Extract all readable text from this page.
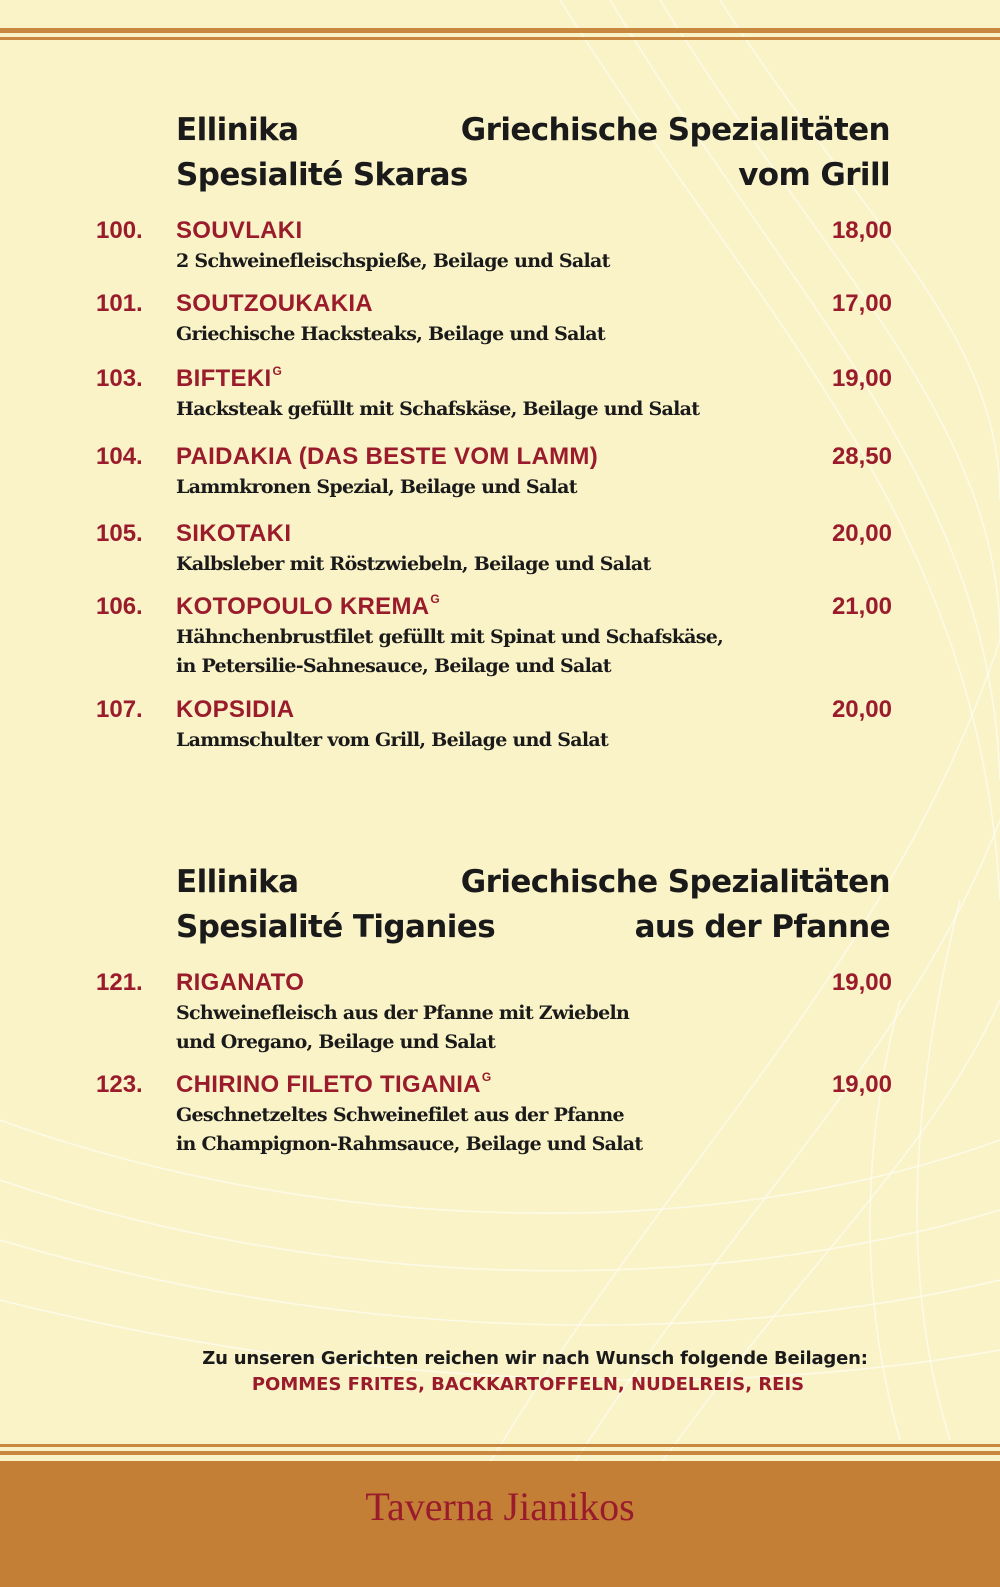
Ellinika
Spesialité Skaras
Griechische Spezialitäten
vom Grill
100. SOUVLAKI	18,00
2 Schweinefleischspieße, Beilage und Salat
101. SOUTZOUKAKIA	17,00
Griechische Hacksteaks, Beilage und Salat
103. $BIFTEKI^G$	19,00
Hacksteak gefüllt mit Schafskäse, Beilage und Salat
104. PAIDAKIA (DAS BESTE VOM LAMM)	28,50
Lammkronen Spezial, Beilage und Salat
105. SIKOTAKI	20,00
Kalbsleber mit Röstzwiebeln, Beilage und Salat
106. KOTOPOULO $KREMA^G$	21,00
Hähnchenbrustfilet gefüllt mit Spinat und Schafskäse,
in Petersilie-Sahnesauce, Beilage und Salat
107. KOPSIDIA	20,00
Lammschulter vom Grill, Beilage und Salat
Ellinika
Spesialité Tiganies
Griechische Spezialitäten
aus der Pfanne
121. RIGANATO	19,00
Schweinefleisch aus der Pfanne mit Zwiebeln
und Oregano, Beilage und Salat
123. CHIRINO FILETO $TIGANIA^G$	19,00
Geschnetzeltes Schweinefilet aus der Pfanne
in Champignon-Rahmsauce, Beilage und Salat
Zu unseren Gerichten reichen wir nach Wunsch folgende Beilagen:
POMMES FRITES, BACKKARTOFFELN, NUDELREIS, REIS
Taverna Jianikos
